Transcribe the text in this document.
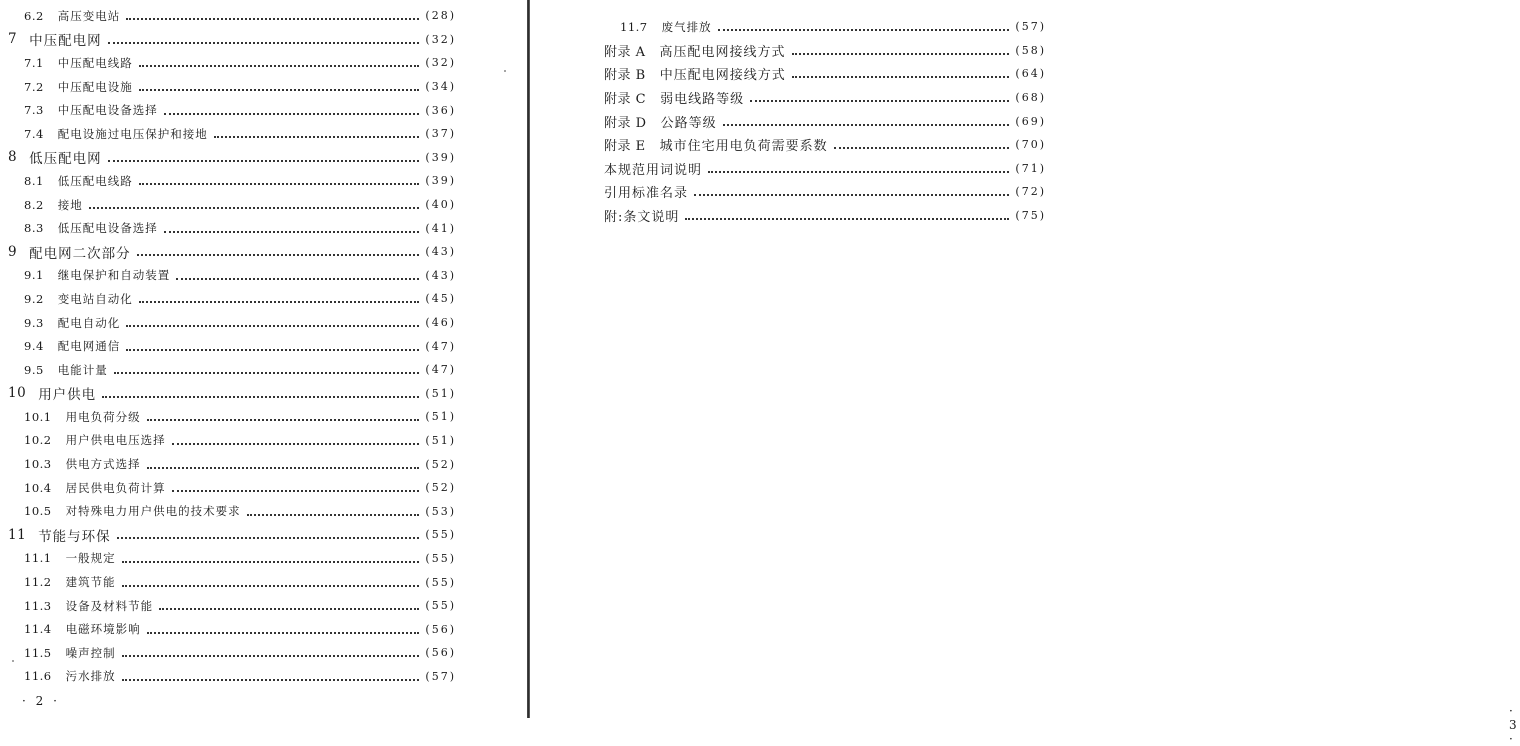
6.2 高压变电站	(28)
7 中压配电网	(32)
7.1 中压配电线路	(32)
7.2 中压配电设施	(34)
7.3 中压配电设备选择	(36)
7.4 配电设施过电压保护和接地	(37)
8 低压配电网	(39)
8.1 低压配电线路	(39)
8.2 接地	(40)
8.3 低压配电设备选择	(41)
9 配电网二次部分	(43)
9.1 继电保护和自动装置	(43)
9.2 变电站自动化	(45)
9.3 配电自动化	(46)
9.4 配电网通信	(47)
9.5 电能计量	(47)
10 用户供电	(51)
10.1 用电负荷分级	(51)
10.2 用户供电电压选择	(51)
10.3 供电方式选择	(52)
10.4 居民供电负荷计算	(52)
10.5 对特殊电力用户供电的技术要求	(53)
11 节能与环保	(55)
11.1 一般规定	(55)
11.2 建筑节能	(55)
11.3 设备及材料节能	(55)
11.4 电磁环境影响	(56)
11.5 噪声控制	(56)
11.6 污水排放	(57)
· 2 ·
11.7 废气排放	(57)
附录 A 高压配电网接线方式	(58)
附录 B 中压配电网接线方式	(64)
附录 C 弱电线路等级	(68)
附录 D 公路等级	(69)
附录 E 城市住宅用电负荷需要系数	(70)
本规范用词说明	(71)
引用标准名录	(72)
附:条文说明	(75)
· 3 ·
